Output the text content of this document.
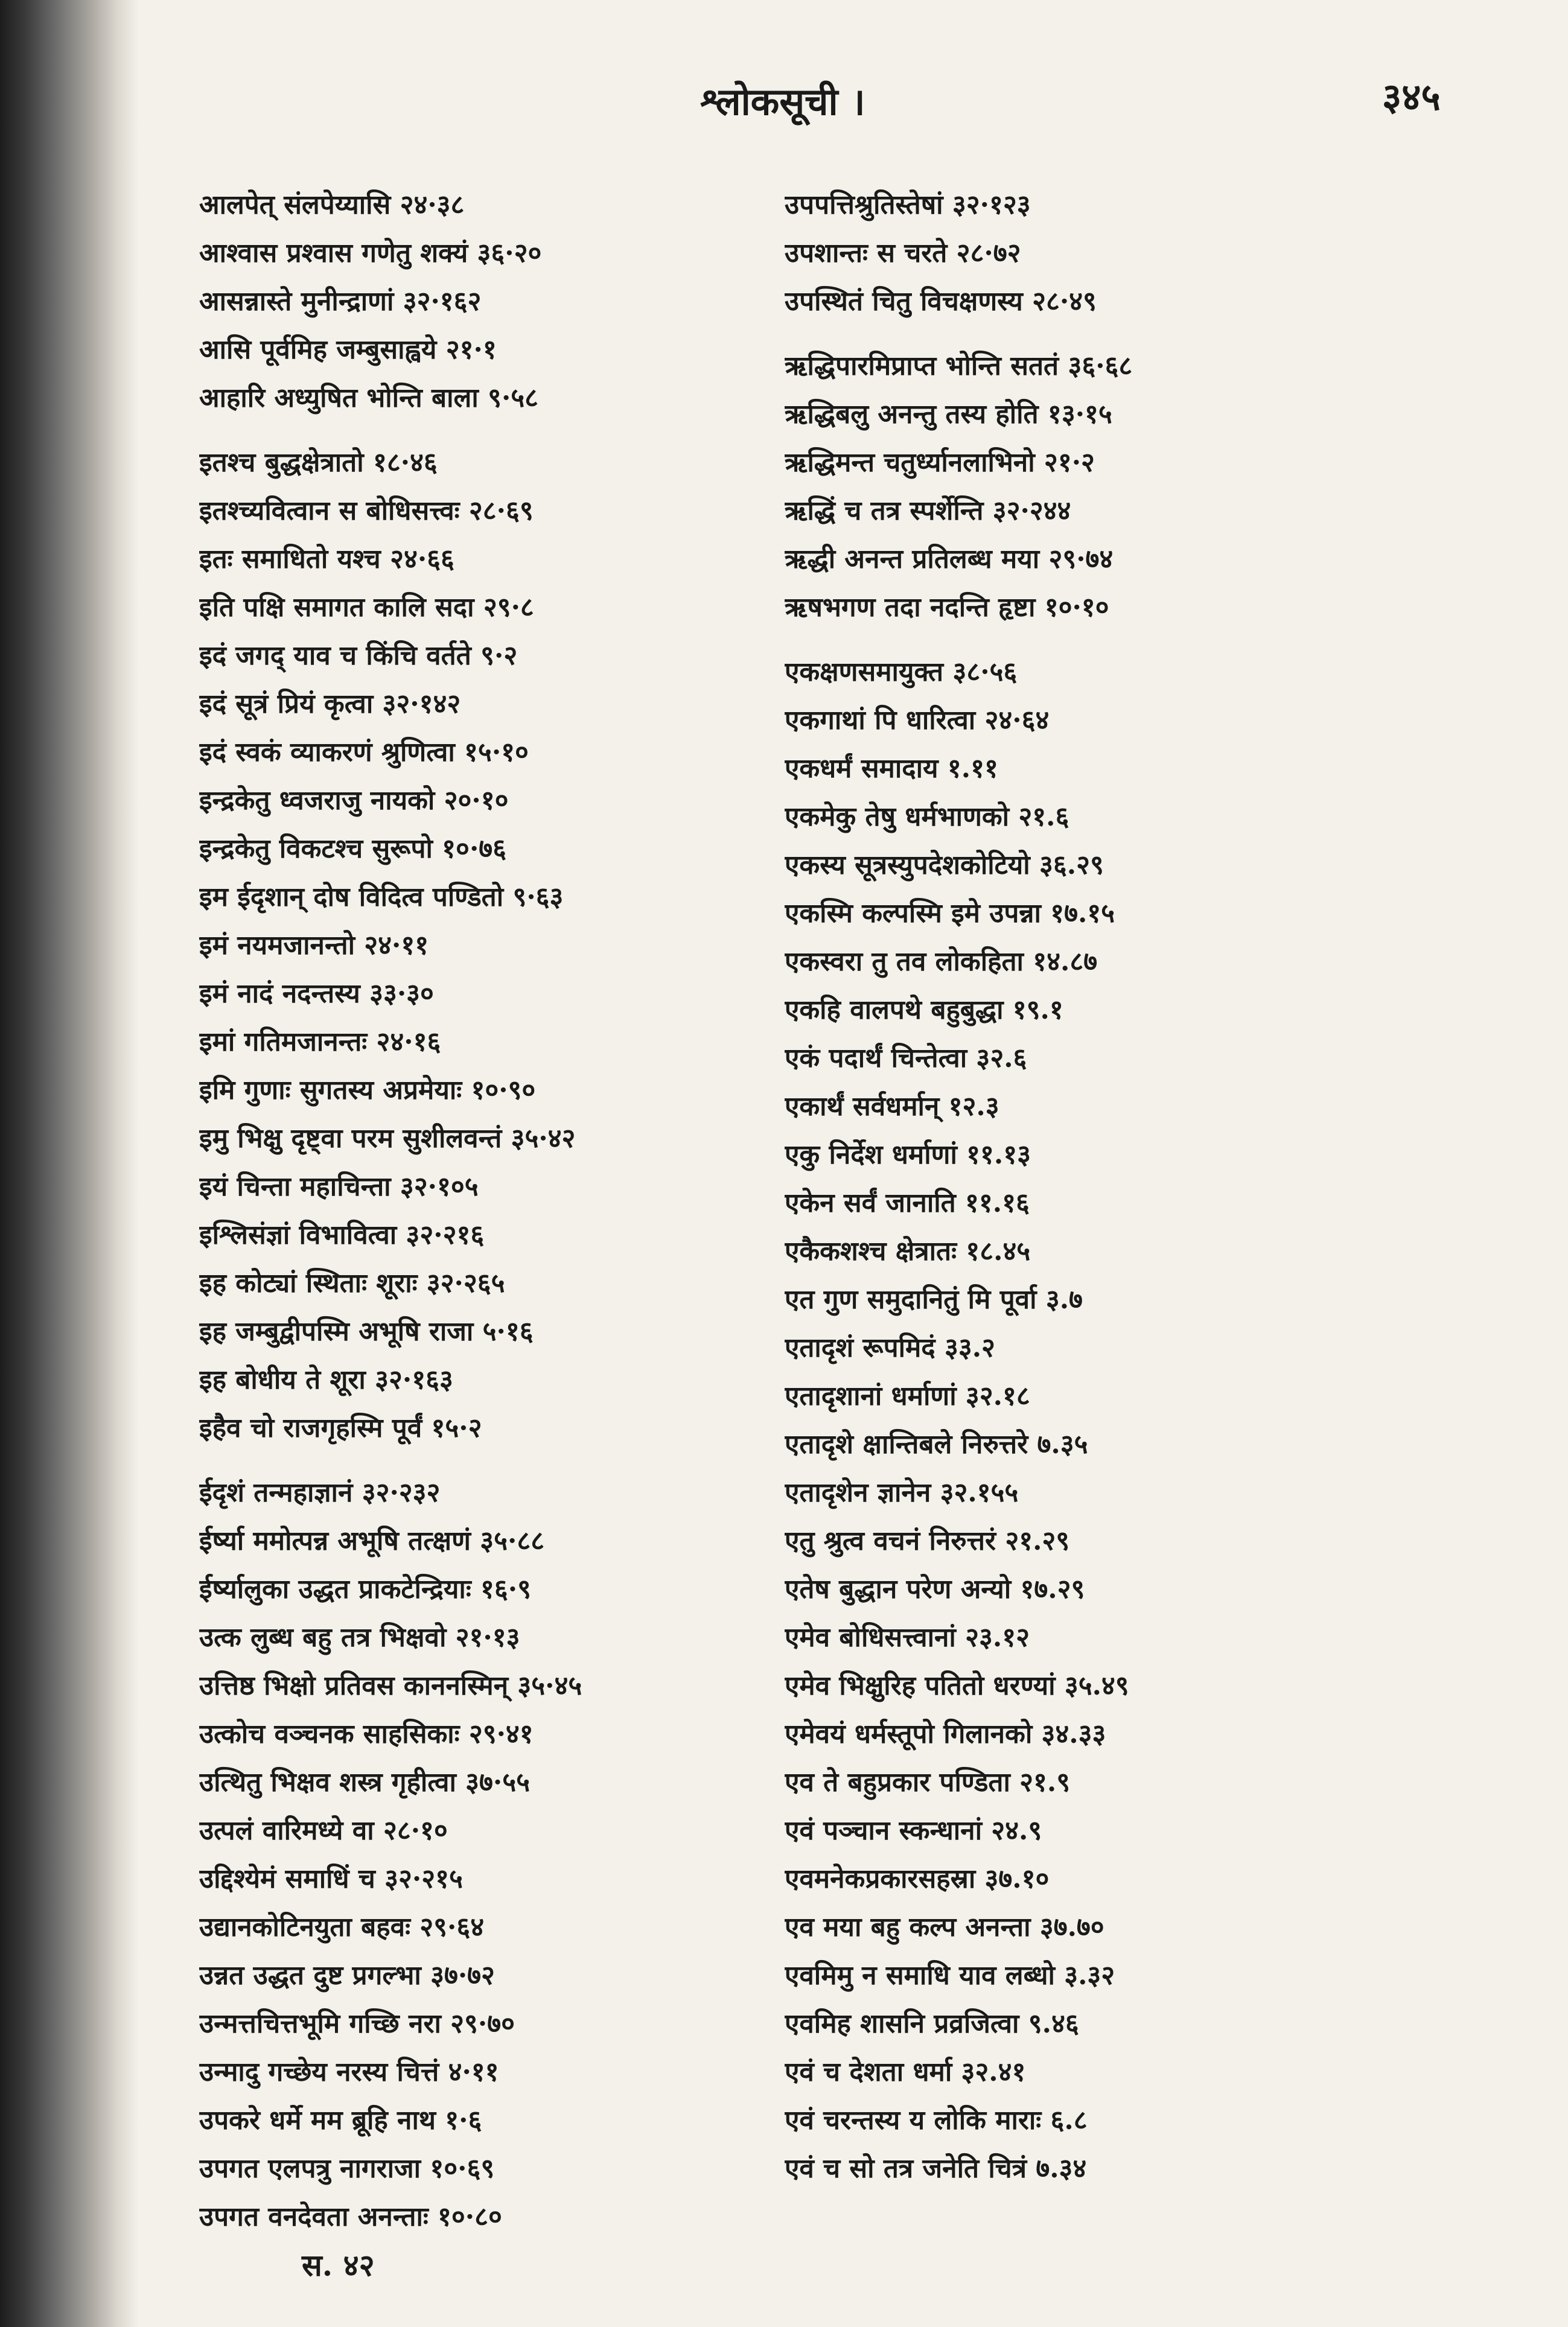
श्लोकसूची ।	३४५
आलपेत् संलपेय्यासि २४·३८
आश्वास प्रश्वास गणेतु शक्यं ३६·२०
आसन्नास्ते मुनीन्द्राणां ३२·१६२
आसि पूर्वमिह जम्बुसाह्वये २१·१
आहारि अध्युषित भोन्ति बाला ९·५८
इतश्च बुद्धक्षेत्रातो १८·४६
इतश्च्यवित्वान स बोधिसत्त्वः २८·६९
इतः समाधितो यश्च २४·६६
इति पक्षि समागत कालि सदा २९·८
इदं जगद् याव च किंचि वर्तते ९·२
इदं सूत्रं प्रियं कृत्वा ३२·१४२
इदं स्वकं व्याकरणं श्रुणित्वा १५·१०
इन्द्रकेतु ध्वजराजु नायको २०·१०
इन्द्रकेतु विकटश्च सुरूपो १०·७६
इम ईदृशान् दोष विदित्व पण्डितो ९·६३
इमं नयमजानन्तो २४·११
इमं नादं नदन्तस्य ३३·३०
इमां गतिमजानन्तः २४·१६
इमि गुणाः सुगतस्य अप्रमेयाः १०·९०
इमु भिक्षु दृष्ट्वा परम सुशीलवन्तं ३५·४२
इयं चिन्ता महाचिन्ता ३२·१०५
इश्लिसंज्ञां विभावित्वा ३२·२१६
इह कोट्यां स्थिताः शूराः ३२·२६५
इह जम्बुद्वीपस्मि अभूषि राजा ५·१६
इह बोधीय ते शूरा ३२·१६३
इहैव चो राजगृहस्मि पूर्वं १५·२
ईदृशं तन्महाज्ञानं ३२·२३२
ईर्ष्या ममोत्पन्न अभूषि तत्क्षणं ३५·८८
ईर्ष्यालुका उद्धत प्राकटेन्द्रियाः १६·९
उत्क लुब्ध बहु तत्र भिक्षवो २१·१३
उत्तिष्ठ भिक्षो प्रतिवस काननस्मिन् ३५·४५
उत्कोच वञ्चनक साहसिकाः २९·४१
उत्थितु भिक्षव शस्त्र गृहीत्वा ३७·५५
उत्पलं वारिमध्ये वा २८·१०
उद्दिश्येमं समाधिं च ३२·२१५
उद्यानकोटिनयुता बहवः २९·६४
उन्नत उद्धत दुष्ट प्रगल्भा ३७·७२
उन्मत्तचित्तभूमि गच्छि नरा २९·७०
उन्मादु गच्छेय नरस्य चित्तं ४·११
उपकरे धर्मे मम ब्रूहि नाथ १·६
उपगत एलपत्रु नागराजा १०·६९
उपगत वनदेवता अनन्ताः १०·८०
उपपत्तिश्रुतिस्तेषां ३२·१२३
उपशान्तः स चरते २८·७२
उपस्थितं चितु विचक्षणस्य २८·४९
ऋद्धिपारमिप्राप्त भोन्ति सततं ३६·६८
ऋद्धिबलु अनन्तु तस्य होति १३·१५
ऋद्धिमन्त चतुर्ध्यानलाभिनो २१·२
ऋद्धिं च तत्र स्पर्शेन्ति ३२·२४४
ऋद्धी अनन्त प्रतिलब्ध मया २९·७४
ऋषभगण तदा नदन्ति हृष्टा १०·१०
एकक्षणसमायुक्त ३८·५६
एकगाथां पि धारित्वा २४·६४
एकधर्मं समादाय १.११
एकमेकु तेषु धर्मभाणको २१.६
एकस्य सूत्रस्युपदेशकोटियो ३६.२९
एकस्मि कल्पस्मि इमे उपन्ना १७.१५
एकस्वरा तु तव लोकहिता १४.८७
एकहि वालपथे बहुबुद्धा १९.१
एकं पदार्थं चिन्तेत्वा ३२.६
एकार्थं सर्वधर्मान् १२.३
एकु निर्देश धर्माणां ११.१३
एकेन सर्वं जानाति ११.१६
एकैकशश्च क्षेत्रातः १८.४५
एत गुण समुदानितुं मि पूर्वा ३.७
एतादृशं रूपमिदं ३३.२
एतादृशानां धर्माणां ३२.१८
एतादृशे क्षान्तिबले निरुत्तरे ७.३५
एतादृशेन ज्ञानेन ३२.१५५
एतु श्रुत्व वचनं निरुत्तरं २१.२९
एतेष बुद्धान परेण अन्यो १७.२९
एमेव बोधिसत्त्वानां २३.१२
एमेव भिक्षुरिह पतितो धरण्यां ३५.४९
एमेवयं धर्मस्तूपो गिलानको ३४.३३
एव ते बहुप्रकार पण्डिता २१.९
एवं पञ्चान स्कन्धानां २४.९
एवमनेकप्रकारसहस्रा ३७.१०
एव मया बहु कल्प अनन्ता ३७.७०
एवमिमु न समाधि याव लब्धो ३.३२
एवमिह शासनि प्रव्रजित्वा ९.४६
एवं च देशता धर्मा ३२.४१
एवं चरन्तस्य य लोकि माराः ६.८
एवं च सो तत्र जनेति चित्रं ७.३४
स. ४२
